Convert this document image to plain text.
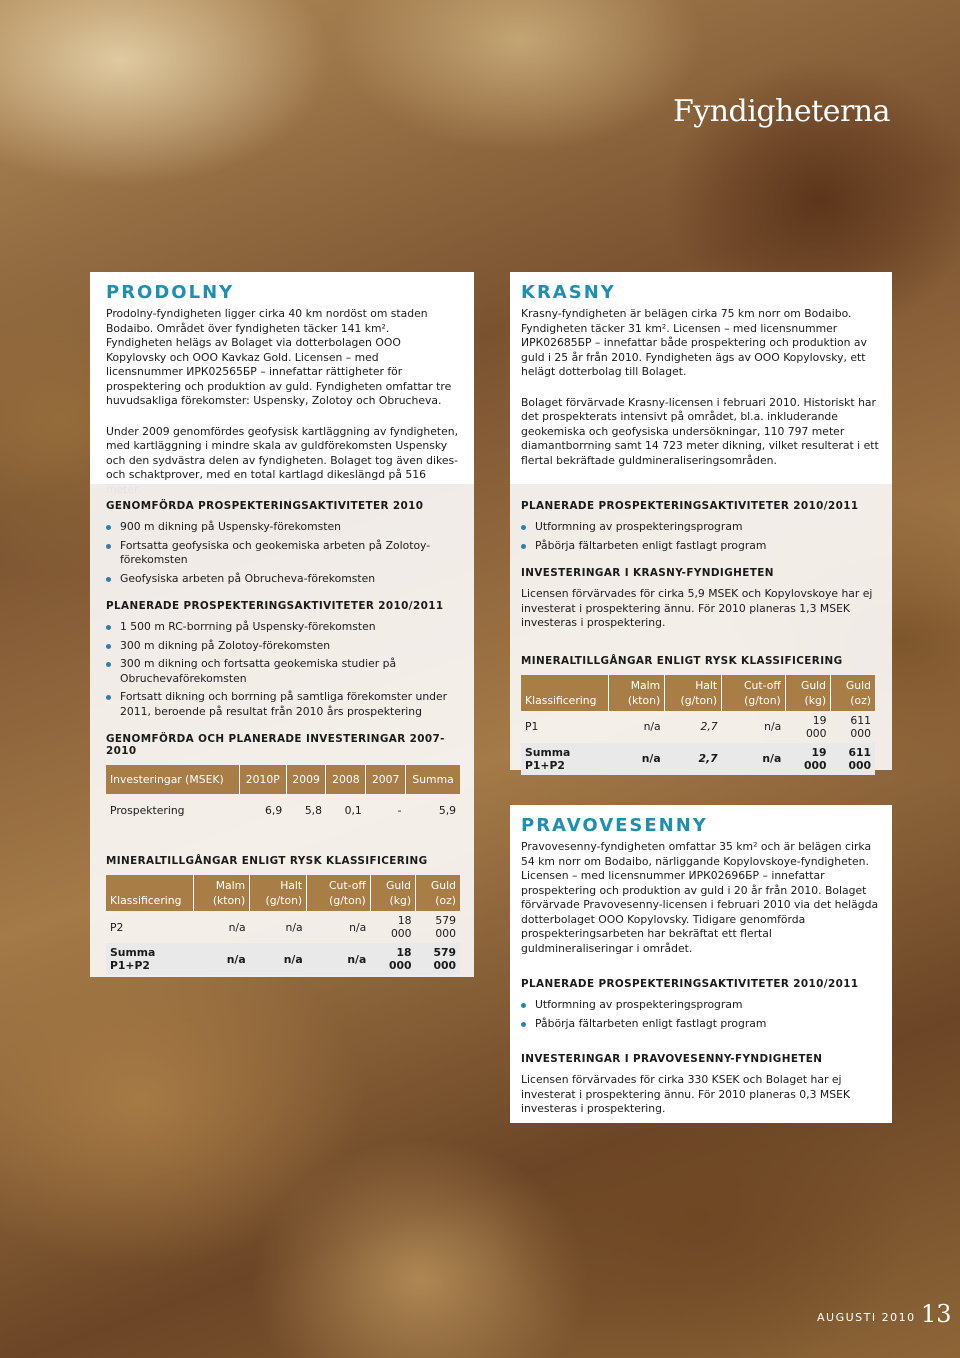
Fyndigheterna
PRODOLNY

Prodolny-fyndigheten ligger cirka 40 km nordöst om staden Bodaibo. Området över fyndigheten täcker 141 km². Fyndigheten helägs av Bolaget via dotterbolagen OOO Kopylovsky och OOO Kavkaz Gold. Licensen – med licensnummer ИРК02565БР – innefattar rättigheter för prospektering och produktion av guld. Fyndigheten omfattar tre huvudsakliga förekomster: Uspensky, Zolotoy och Obrucheva.

Under 2009 genomfördes geofysisk kartläggning av fyndigheten, med kartläggning i mindre skala av guldförekomsten Uspensky och den sydvästra delen av fyndigheten. Bolaget tog även dikes- och schaktprover, med en total kartlagd dikeslängd på 516

GENOMFÖRDA PROSPEKTERINGSAKTIVITETER 2010
900 m dikning på Uspensky-förekomsten
Fortsatta geofysiska och geokemiska arbeten på Zolotoy-förekomsten
Geofysiska arbeten på Obrucheva-förekomsten
PLANERADE PROSPEKTERINGSAKTIVITETER 2010/2011
1 500 m RC-borrning på Uspensky-förekomsten
300 m dikning på Zolotoy-förekomsten
300 m dikning och fortsatta geokemiska studier på Obruchevaförekomsten
Fortsatt dikning och borrning på samtliga förekomster under 2011, beroende på resultat från 2010 års prospektering
GENOMFÖRDA OCH PLANERADE INVESTERINGAR 2007-2010
Investeringar (MSEK)	2010P	2009	2008	2007	Summa
Prospektering	6,9	5,8	0,1	-	5,9
MINERALTILLGÅNGAR ENLIGT RYSK KLASSIFICERING
Klassificering	Malm (kton)	Halt (g/ton)	Cut-off (g/ton)	Guld (kg)	Guld (oz)
P2	n/a	n/a	n/a	18 000	579 000
Summa P1+P2	n/a	n/a	n/a	18 000	579 000
KRASNY

Krasny-fyndigheten är belägen cirka 75 km norr om Bodaibo. Fyndigheten täcker 31 km². Licensen – med licensnummer ИРК02685БР – innefattar både prospektering och produktion av guld i 25 år från 2010. Fyndigheten ägs av OOO Kopylovsky, ett helägt dotterbolag till Bolaget.

Bolaget förvärvade Krasny-licensen i februari 2010. Historiskt har det prospekterats intensivt på området, bl.a. inkluderande geokemiska och geofysiska undersökningar, 110 797 meter diamantborrning samt 14 723 meter dikning, vilket resulterat i ett flertal bekräftade guldmineraliseringsområden.

PLANERADE PROSPEKTERINGSAKTIVITETER 2010/2011
Utformning av prospekteringsprogram
Påbörja fältarbeten enligt fastlagt program
INVESTERINGAR I KRASNY-FYNDIGHETEN

Licensen förvärvades för cirka 5,9 MSEK och Kopylovskoye har ej investerat i prospektering ännu. För 2010 planeras 1,3 MSEK investeras i prospektering.

MINERALTILLGÅNGAR ENLIGT RYSK KLASSIFICERING
Klassificering	Malm (kton)	Halt (g/ton)	Cut-off (g/ton)	Guld (kg)	Guld (oz)
P1	n/a	2,7	n/a	19 000	611 000
Summa P1+P2	n/a	2,7	n/a	19 000	611 000
PRAVOVESENNY

Pravovesenny-fyndigheten omfattar 35 km² och är belägen cirka 54 km norr om Bodaibo, närliggande Kopylovskoye-fyndigheten. Licensen – med licensnummer ИРК02696БР – innefattar prospektering och produktion av guld i 20 år från 2010. Bolaget förvärvade Pravovesenny-licensen i februari 2010 via det helägda dotterbolaget OOO Kopylovsky. Tidigare genomförda prospekteringsarbeten har bekräftat ett flertal guldmineraliseringar i området.

PLANERADE PROSPEKTERINGSAKTIVITETER 2010/2011
Utformning av prospekteringsprogram
Påbörja fältarbeten enligt fastlagt program
INVESTERINGAR I PRAVOVESENNY-FYNDIGHETEN

Licensen förvärvades för cirka 330 KSEK och Bolaget har ej investerat i prospektering ännu. För 2010 planeras 0,3 MSEK investeras i prospektering.

AUGUSTI 2010 13
